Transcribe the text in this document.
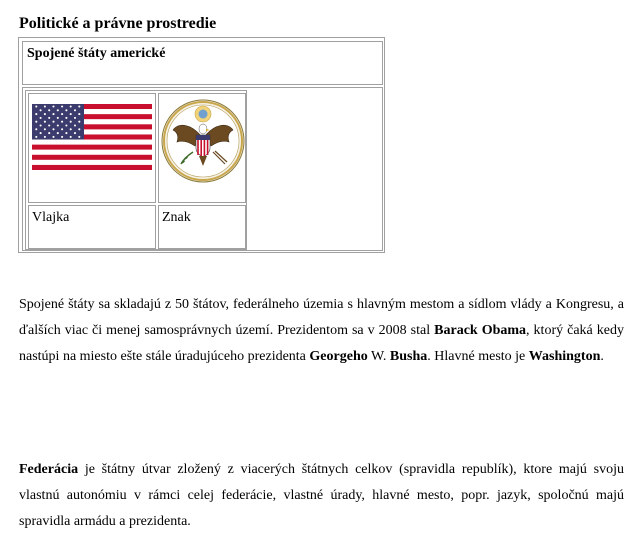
Politické a právne prostredie
Spojené štáty americké
Vlajka	Znak

Spojené štáty sa skladajú z 50 štátov, federálneho územia s hlavným mestom a sídlom vlády a Kongresu, a ďalších viac či menej samosprávnych území. Prezidentom sa v 2008 stal Barack Obama, ktorý čaká kedy nastúpi na miesto ešte stále úradujúceho prezidenta Georgeho W. Busha. Hlavné mesto je Washington.

Federácia je štátny útvar zložený z viacerých štátnych celkov (spravidla republík), ktore majú svoju vlastnú autonómiu v rámci celej federácie, vlastné úrady, hlavné mesto, popr. jazyk, spoločnú majú spravidla armádu a prezidenta.
